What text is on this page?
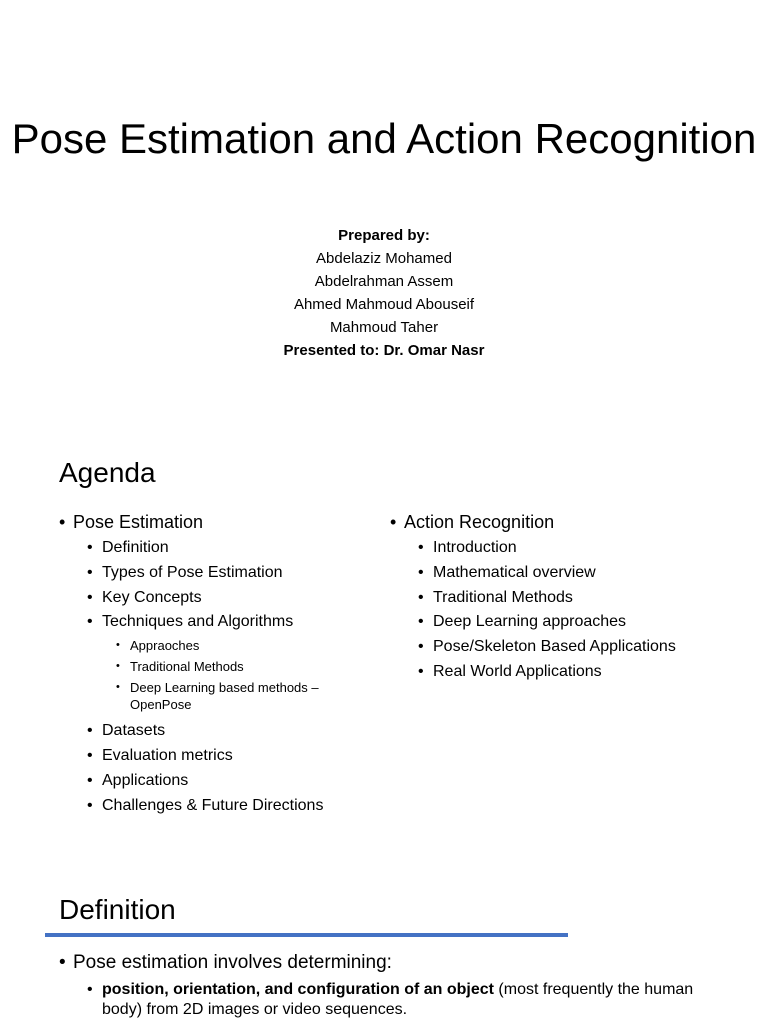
Pose Estimation and Action Recognition
Prepared by:
Abdelaziz Mohamed
Abdelrahman Assem
Ahmed Mahmoud Abouseif
Mahmoud Taher
Presented to: Dr. Omar Nasr
Agenda
• Pose Estimation
• Definition
• Types of Pose Estimation
• Key Concepts
• Techniques and Algorithms
• Appraoches
• Traditional Methods
• Deep Learning based methods – OpenPose
• Datasets
• Evaluation metrics
• Applications
• Challenges & Future Directions
• Action Recognition
• Introduction
• Mathematical overview
• Traditional Methods
• Deep Learning approaches
• Pose/Skeleton Based Applications
• Real World Applications
Definition
• Pose estimation involves determining:
• position, orientation, and configuration of an object (most frequently the human body) from 2D images or video sequences.
